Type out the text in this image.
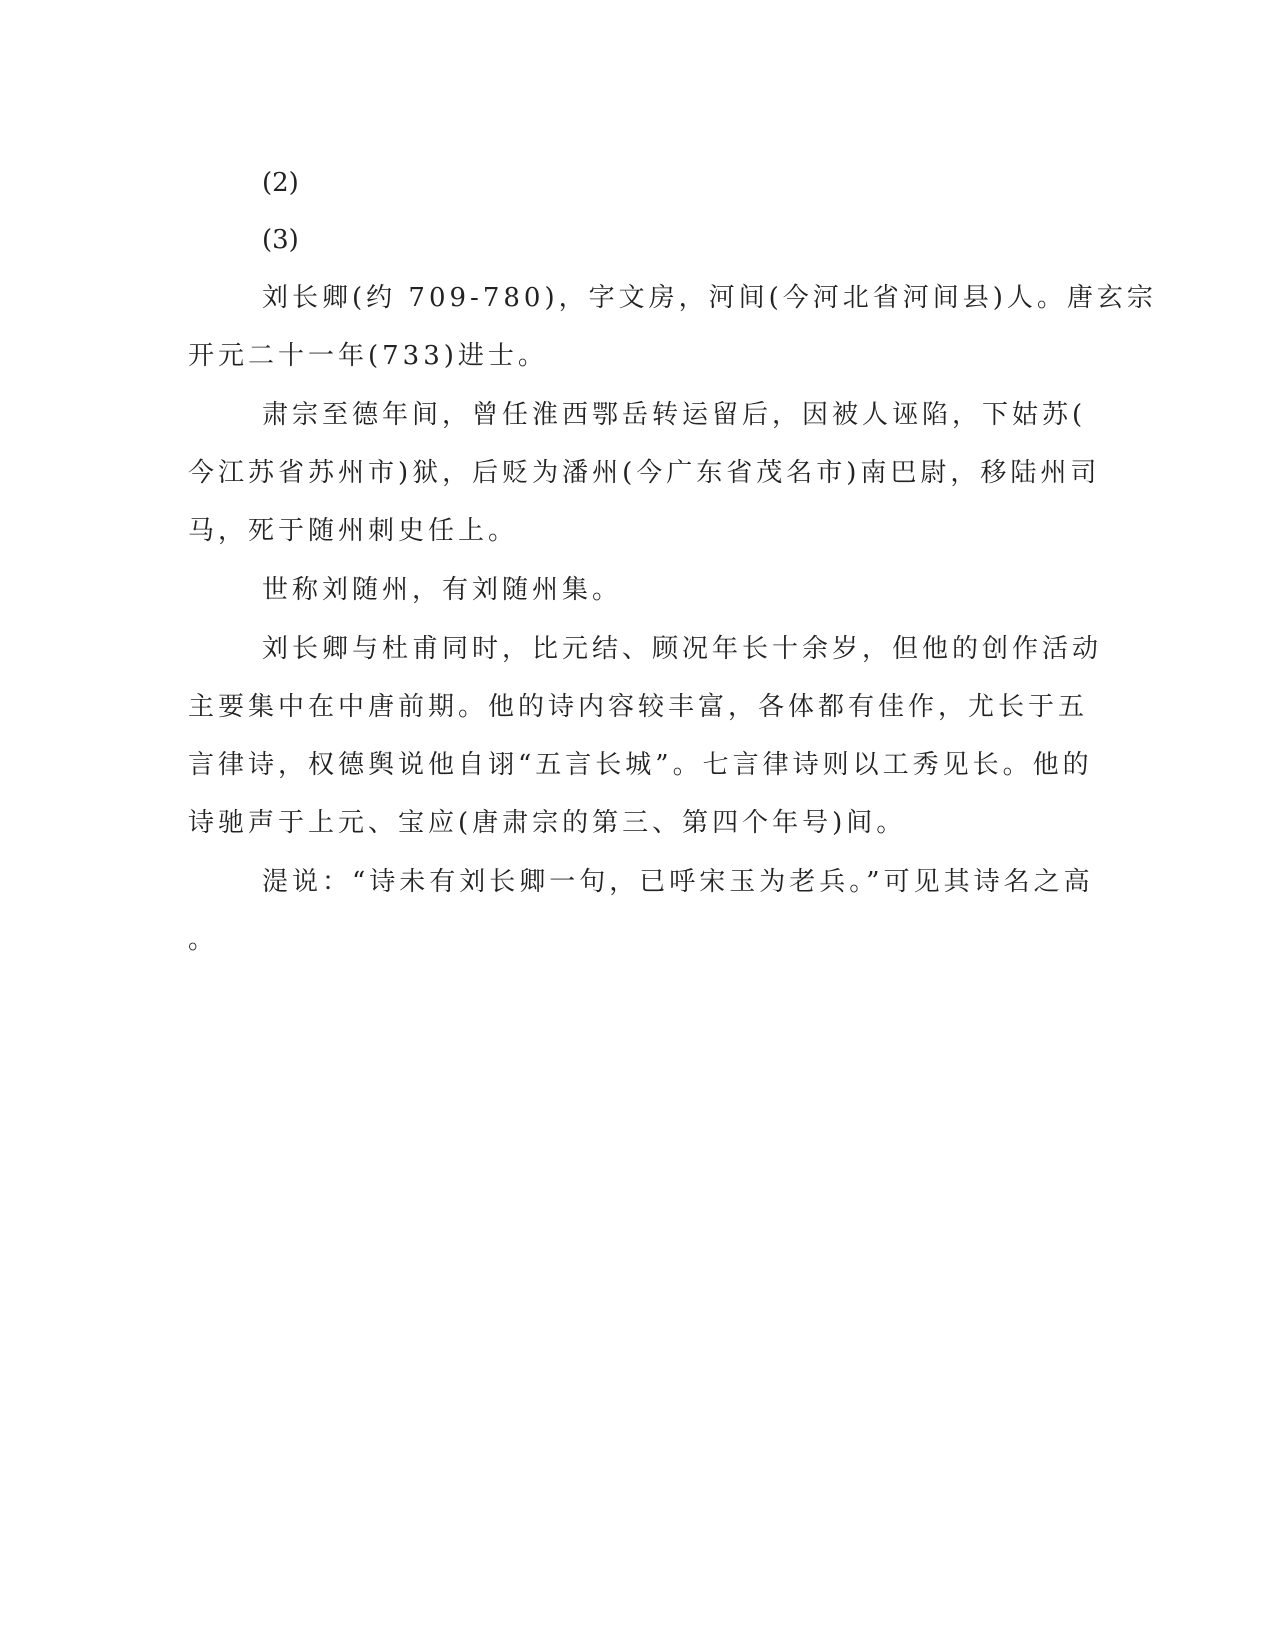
(2)
(3)
刘长卿(约 709-780)，字文房，河间(今河北省河间县)人。唐玄宗
开元二十一年(733)进士。
肃宗至德年间，曾任淮西鄂岳转运留后，因被人诬陷，下姑苏(
今江苏省苏州市)狱，后贬为潘州(今广东省茂名市)南巴尉，移陆州司
马，死于随州刺史任上。
世称刘随州，有刘随州集。
刘长卿与杜甫同时，比元结、顾况年长十余岁，但他的创作活动
主要集中在中唐前期。他的诗内容较丰富，各体都有佳作，尤长于五
言律诗，权德舆说他自诩“五言长城”。七言律诗则以工秀见长。他的
诗驰声于上元、宝应(唐肃宗的第三、第四个年号)间。
湜说：“诗未有刘长卿一句，已呼宋玉为老兵。”可见其诗名之高
。
